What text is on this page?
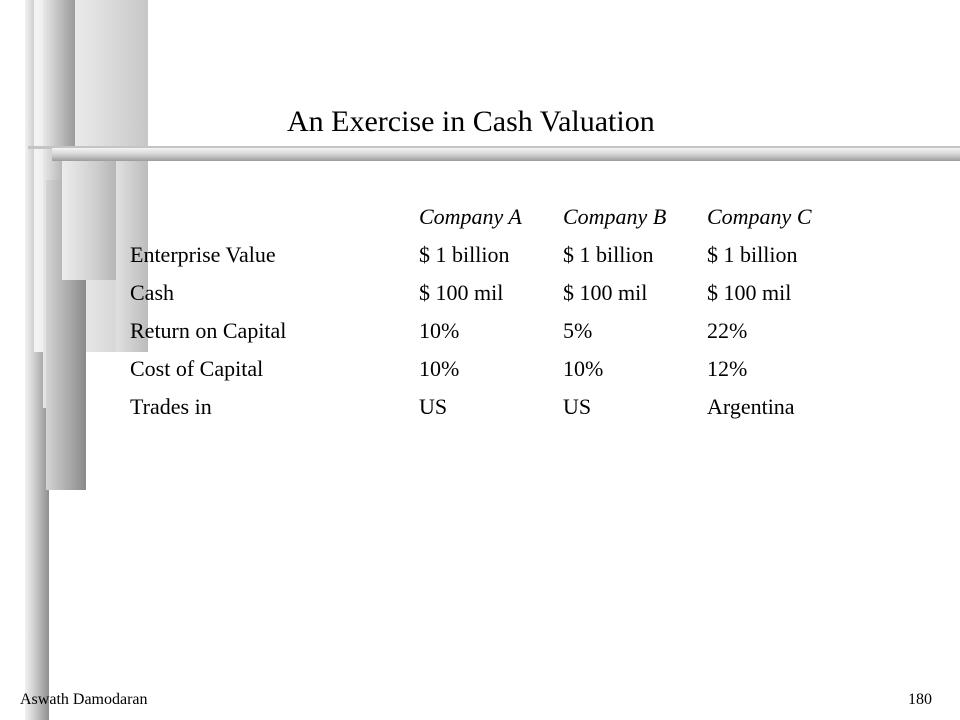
An Exercise in Cash Valuation
	Company A	Company B	Company C
Enterprise Value	$ 1 billion	$ 1 billion	$ 1 billion
Cash	$ 100 mil	$ 100 mil	$ 100 mil
Return on Capital	10%	5%	22%
Cost of Capital	10%	10%	12%
Trades in	US	US	Argentina
Aswath Damodaran	180
